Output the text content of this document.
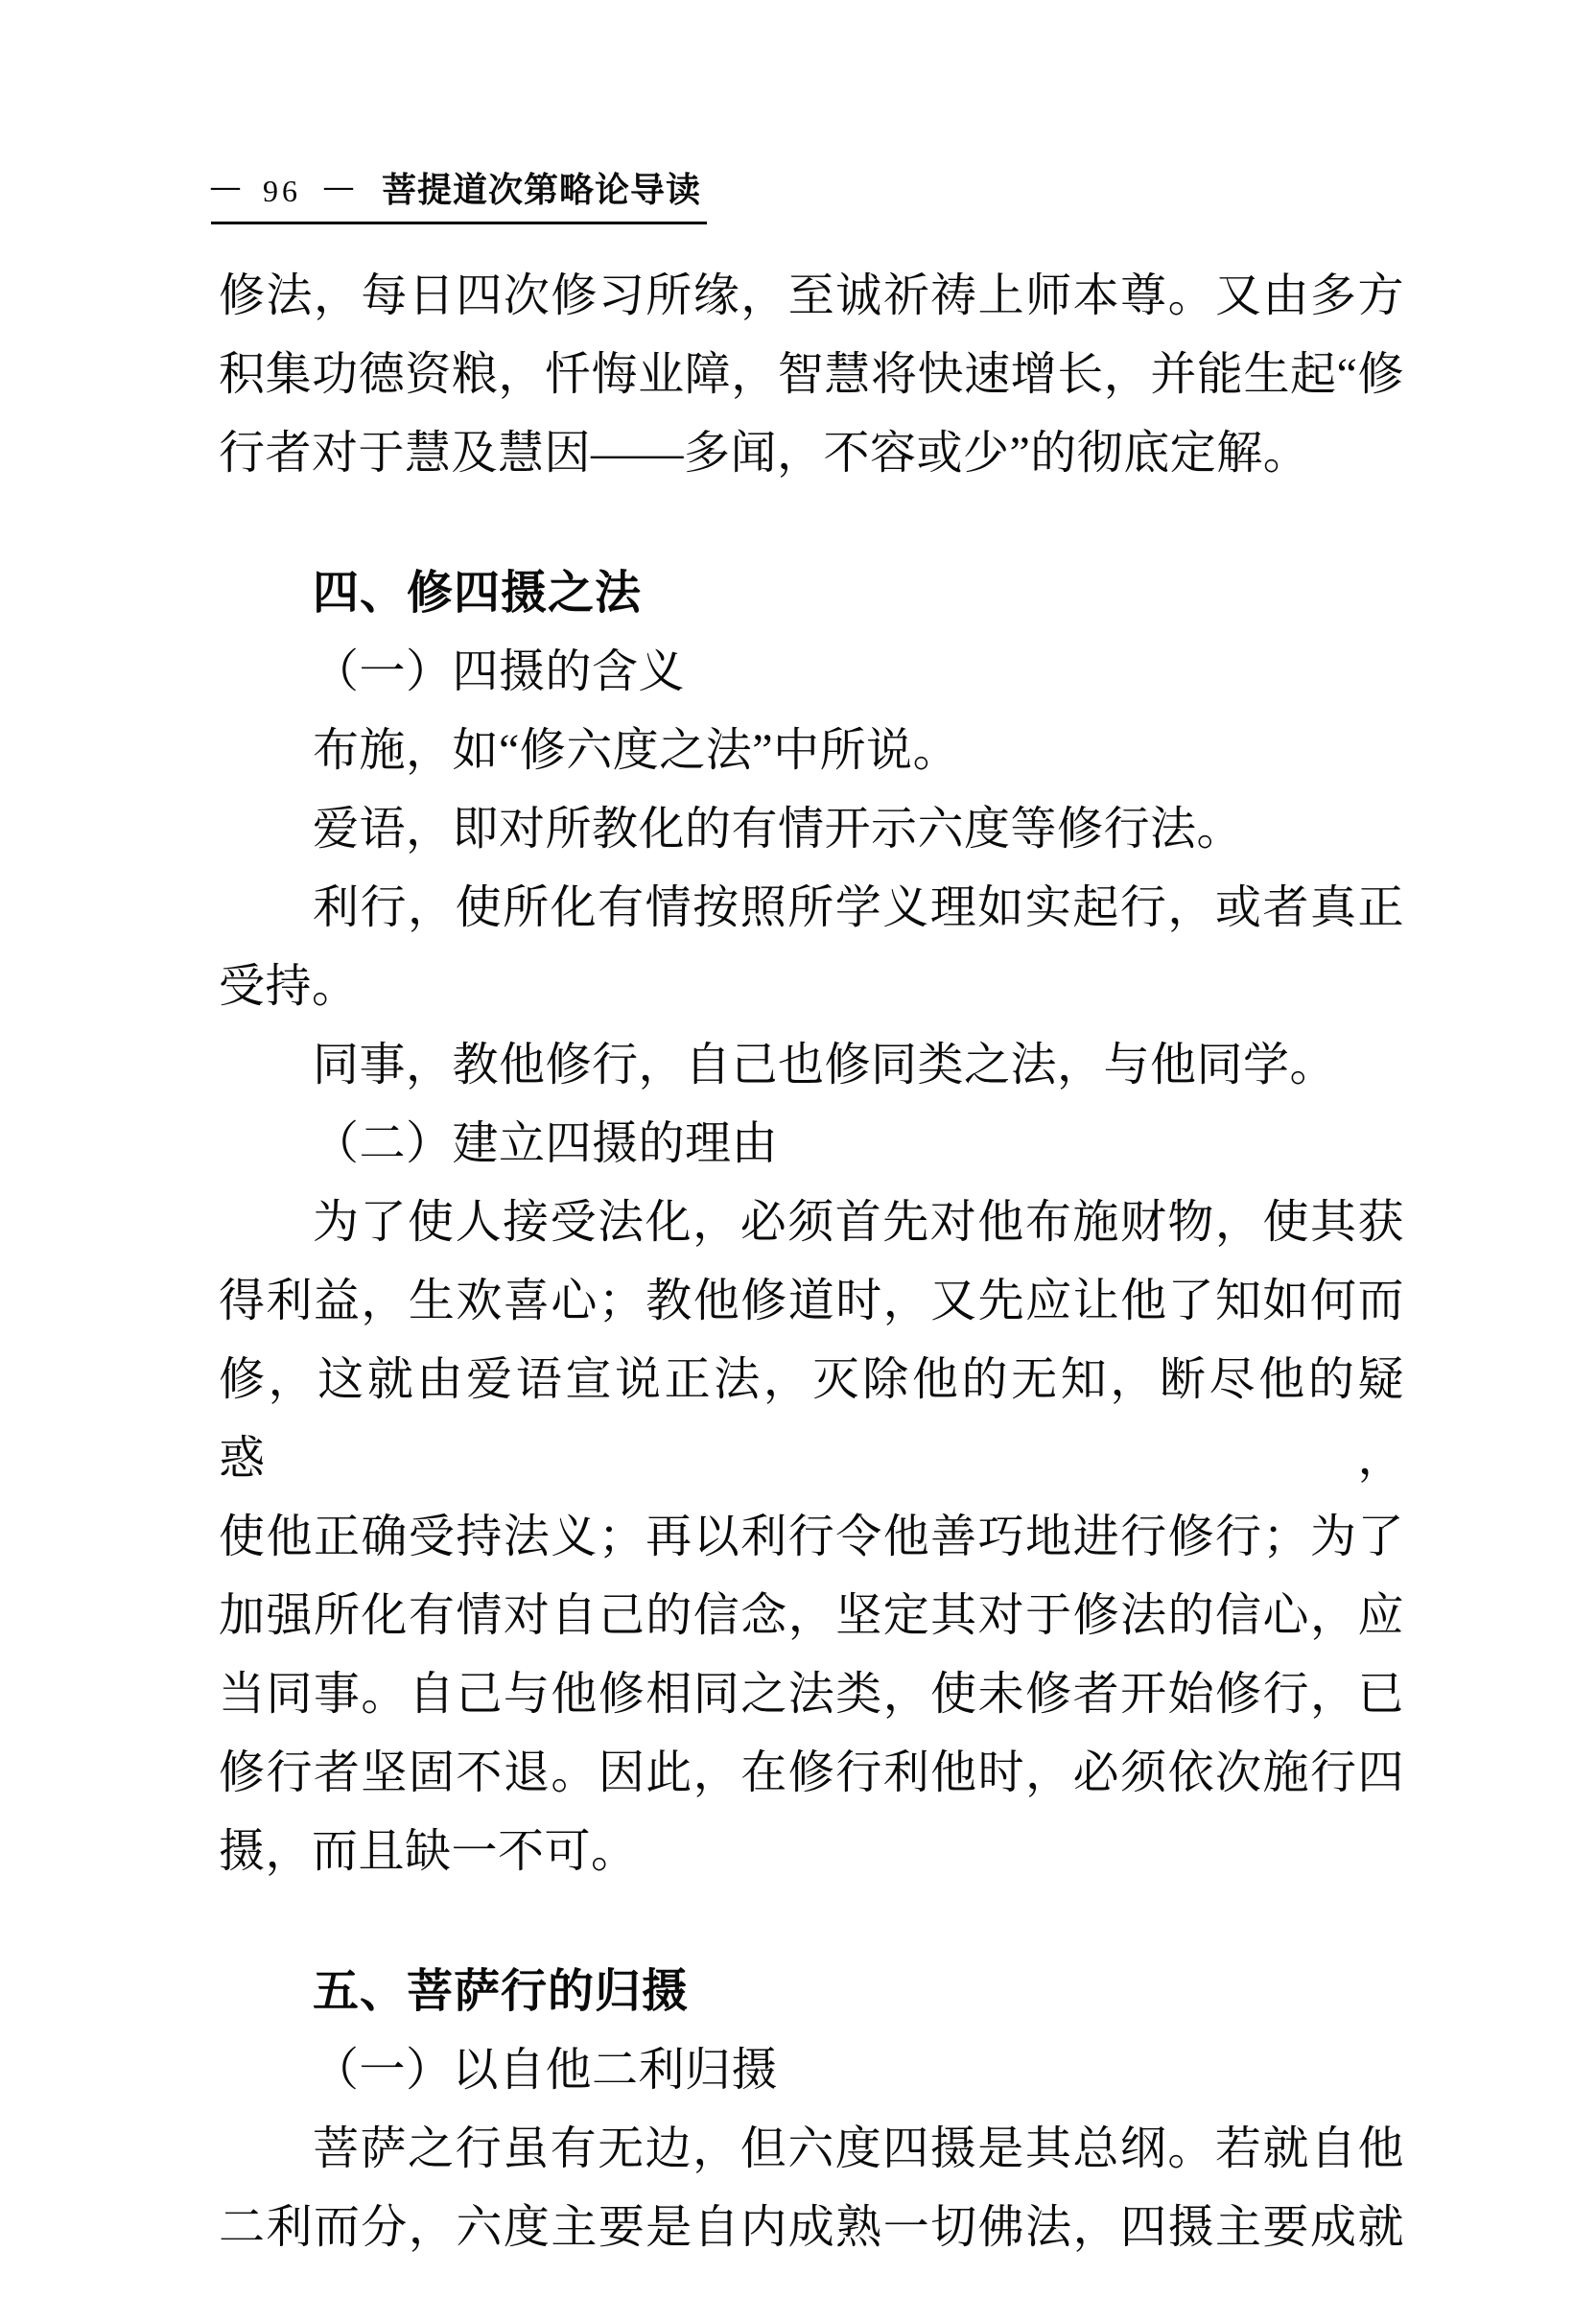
— 96 — 菩提道次第略论导读
修法，每日四次修习所缘，至诚祈祷上师本尊。又由多方
积集功德资粮，忏悔业障，智慧将快速增长，并能生起“修
行者对于慧及慧因——多闻，不容或少”的彻底定解。
四、修四摄之法
（一）四摄的含义
布施，如“修六度之法”中所说。
爱语，即对所教化的有情开示六度等修行法。
利行，使所化有情按照所学义理如实起行，或者真正
受持。
同事，教他修行，自己也修同类之法，与他同学。
（二）建立四摄的理由
为了使人接受法化，必须首先对他布施财物，使其获
得利益，生欢喜心；教他修道时，又先应让他了知如何而
修，这就由爱语宣说正法，灭除他的无知，断尽他的疑惑，
使他正确受持法义；再以利行令他善巧地进行修行；为了
加强所化有情对自己的信念，坚定其对于修法的信心，应
当同事。自己与他修相同之法类，使未修者开始修行，已
修行者坚固不退。因此，在修行利他时，必须依次施行四
摄，而且缺一不可。
五、菩萨行的归摄
（一）以自他二利归摄
菩萨之行虽有无边，但六度四摄是其总纲。若就自他
二利而分，六度主要是自内成熟一切佛法，四摄主要成就
